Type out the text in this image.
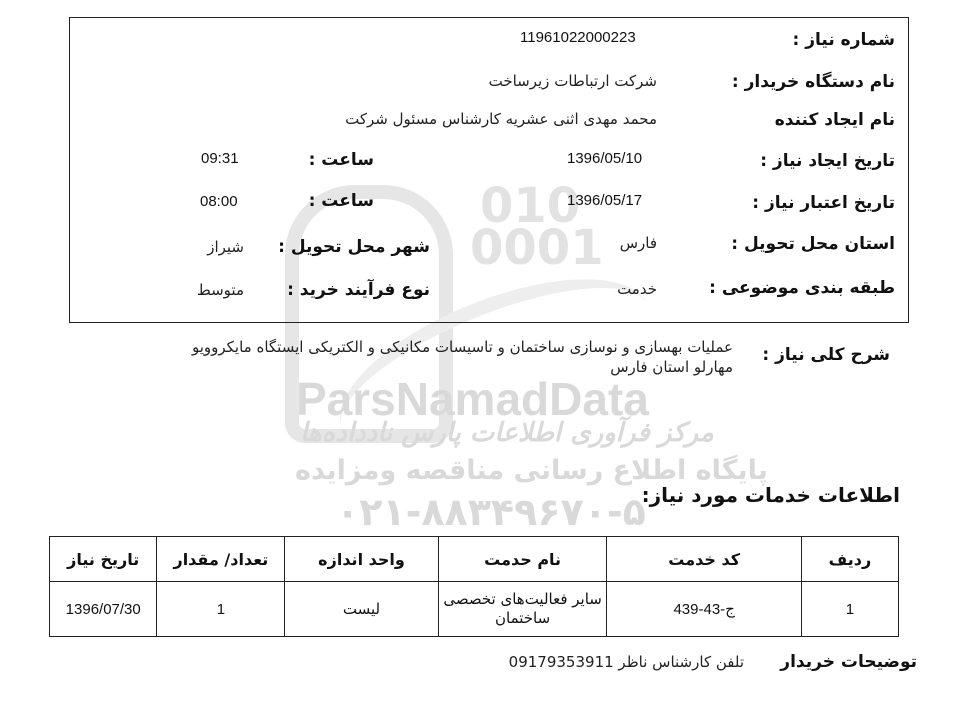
010
0001
ParsNamadData
مرکز فرآوری اطلاعات پارس نادداده‌ها
پایگاه اطلاع رسانی مناقصه ومزایده
۰۲۱-۸۸۳۴۹۶۷۰-۵
شماره نیاز :
11961022000223
نام دستگاه خریدار :
شرکت ارتباطات زیرساخت
نام ایجاد کننده
محمد مهدی اثنی عشریه کارشناس مسئول شرکت
تاریخ ایجاد نیاز :
1396/05/10
ساعت :
09:31
تاریخ اعتبار نیاز :
1396/05/17
ساعت :
08:00
استان محل تحویل :
فارس
شهر محل تحویل :
شیراز
طبقه بندی موضوعی :
خدمت
نوع فرآیند خرید :
متوسط
شرح کلی نیاز :
عملیات بهسازی و نوسازی ساختمان و تاسیسات مکانیکی و الکتریکی ایستگاه مایکروویو
مهارلو استان فارس
اطلاعات خدمات مورد نیاز:
ردیف	کد خدمت	نام حدمت	واحد اندازه	تعداد/ مقدار	تاریخ نیاز
1	ج-43-439	سایر فعالیت‌های تخصصی ساختمان	لیست	1	1396/07/30
توضیحات خریدار
تلفن کارشناس ناظر 09179353911
